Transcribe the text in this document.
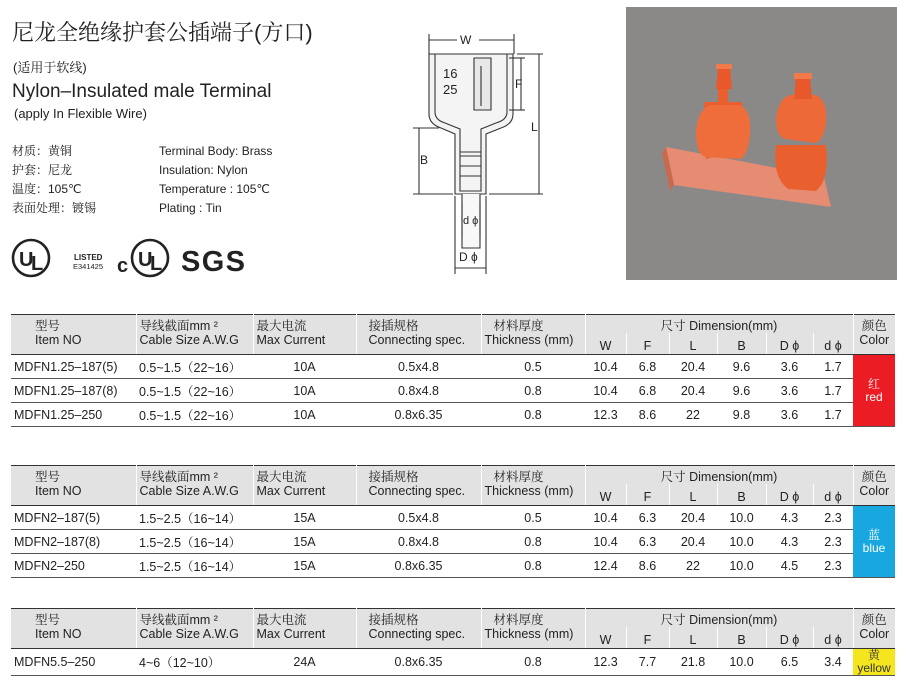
尼龙全绝缘护套公插端子(方口)
(适用于软线)
Nylon–Insulated male Terminal
(apply In Flexible Wire)
材质：黄铜
护套：尼龙
温度：105℃
表面处理：镀锡
Terminal Body: Brass
Insulation: Nylon
Temperature : 105℃
Plating : Tin
U
L	LISTED
E341425 c U
L SGS
W
16
25	F
L
B
d ϕ
D ϕ
型号	导线截面mm ²	最大电流	接插规格	材料厚度	尺寸 Dimension(mm)						颜色
Item NO	Cable Size A.W.G	Max Current	Connecting spec.	Thickness (mm)	W	F	L	B	D ϕ	d ϕ	Color
MDFN1.25–187(5)	0.5~1.5（22~16）	10A	0.5x4.8	0.5	10.4	6.8	20.4	9.6	3.6	1.7	红
red

MDFN1.25–187(8)	0.5~1.5（22~16）	10A	0.8x4.8	0.8	10.4	6.8	20.4	9.6	3.6	1.7	
MDFN1.25–250	0.5~1.5（22~16）	10A	0.8x6.35	0.8	12.3	8.6	22	9.8	3.6	1.7	
型号	导线截面mm ²	最大电流	接插规格	材料厚度	尺寸 Dimension(mm)						颜色
Item NO	Cable Size A.W.G	Max Current	Connecting spec.	Thickness (mm)	W	F	L	B	D ϕ	d ϕ	Color
MDFN2–187(5)	1.5~2.5（16~14）	15A	0.5x4.8	0.5	10.4	6.3	20.4	10.0	4.3	2.3	蓝
blue

MDFN2–187(8)	1.5~2.5（16~14）	15A	0.8x4.8	0.8	10.4	6.3	20.4	10.0	4.3	2.3	
MDFN2–250	1.5~2.5（16~14）	15A	0.8x6.35	0.8	12.4	8.6	22	10.0	4.5	2.3	
型号	导线截面mm ²	最大电流	接插规格	材料厚度	尺寸 Dimension(mm)						颜色
Item NO	Cable Size A.W.G	Max Current	Connecting spec.	Thickness (mm)	W	F	L	B	D ϕ	d ϕ	Color
MDFN5.5–250	4~6（12~10）	24A	0.8x6.35	0.8	12.3	7.7	21.8	10.0	6.5	3.4	黄
yellow
